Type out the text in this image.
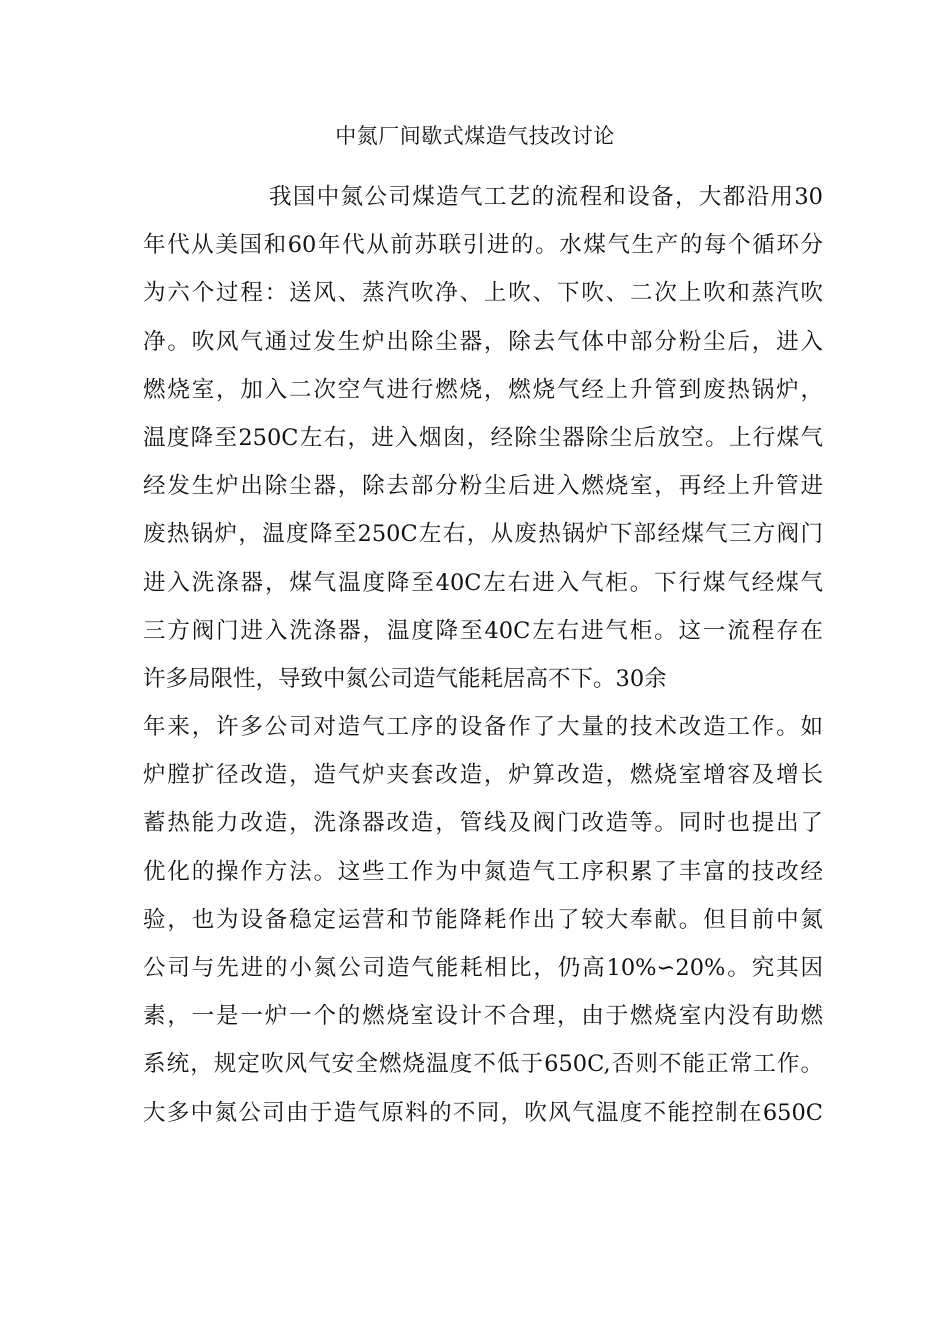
中氮厂间歇式煤造气技改讨论
我国中氮公司煤造气工艺的流程和设备，大都沿用30
年代从美国和60年代从前苏联引进的。水煤气生产的每个循环分
为六个过程：送风、蒸汽吹净、上吹、下吹、二次上吹和蒸汽吹
净。吹风气通过发生炉出除尘器，除去气体中部分粉尘后，进入
燃烧室，加入二次空气进行燃烧，燃烧气经上升管到废热锅炉，
温度降至250C左右，进入烟囱，经除尘器除尘后放空。上行煤气
经发生炉出除尘器，除去部分粉尘后进入燃烧室，再经上升管进
废热锅炉，温度降至250C左右，从废热锅炉下部经煤气三方阀门
进入洗涤器，煤气温度降至40C左右进入气柜。下行煤气经煤气
三方阀门进入洗涤器，温度降至40C左右进气柜。这一流程存在
许多局限性，导致中氮公司造气能耗居高不下。30余
年来，许多公司对造气工序的设备作了大量的技术改造工作。如
炉膛扩径改造，造气炉夹套改造，炉算改造，燃烧室增容及增长
蓄热能力改造，洗涤器改造，管线及阀门改造等。同时也提出了
优化的操作方法。这些工作为中氮造气工序积累了丰富的技改经
验，也为设备稳定运营和节能降耗作出了较大奉献。但目前中氮
公司与先进的小氮公司造气能耗相比，仍高10%∽20%。究其因
素，一是一炉一个的燃烧室设计不合理，由于燃烧室内没有助燃
系统，规定吹风气安全燃烧温度不低于650C,否则不能正常工作。
大多中氮公司由于造气原料的不同，吹风气温度不能控制在650C
